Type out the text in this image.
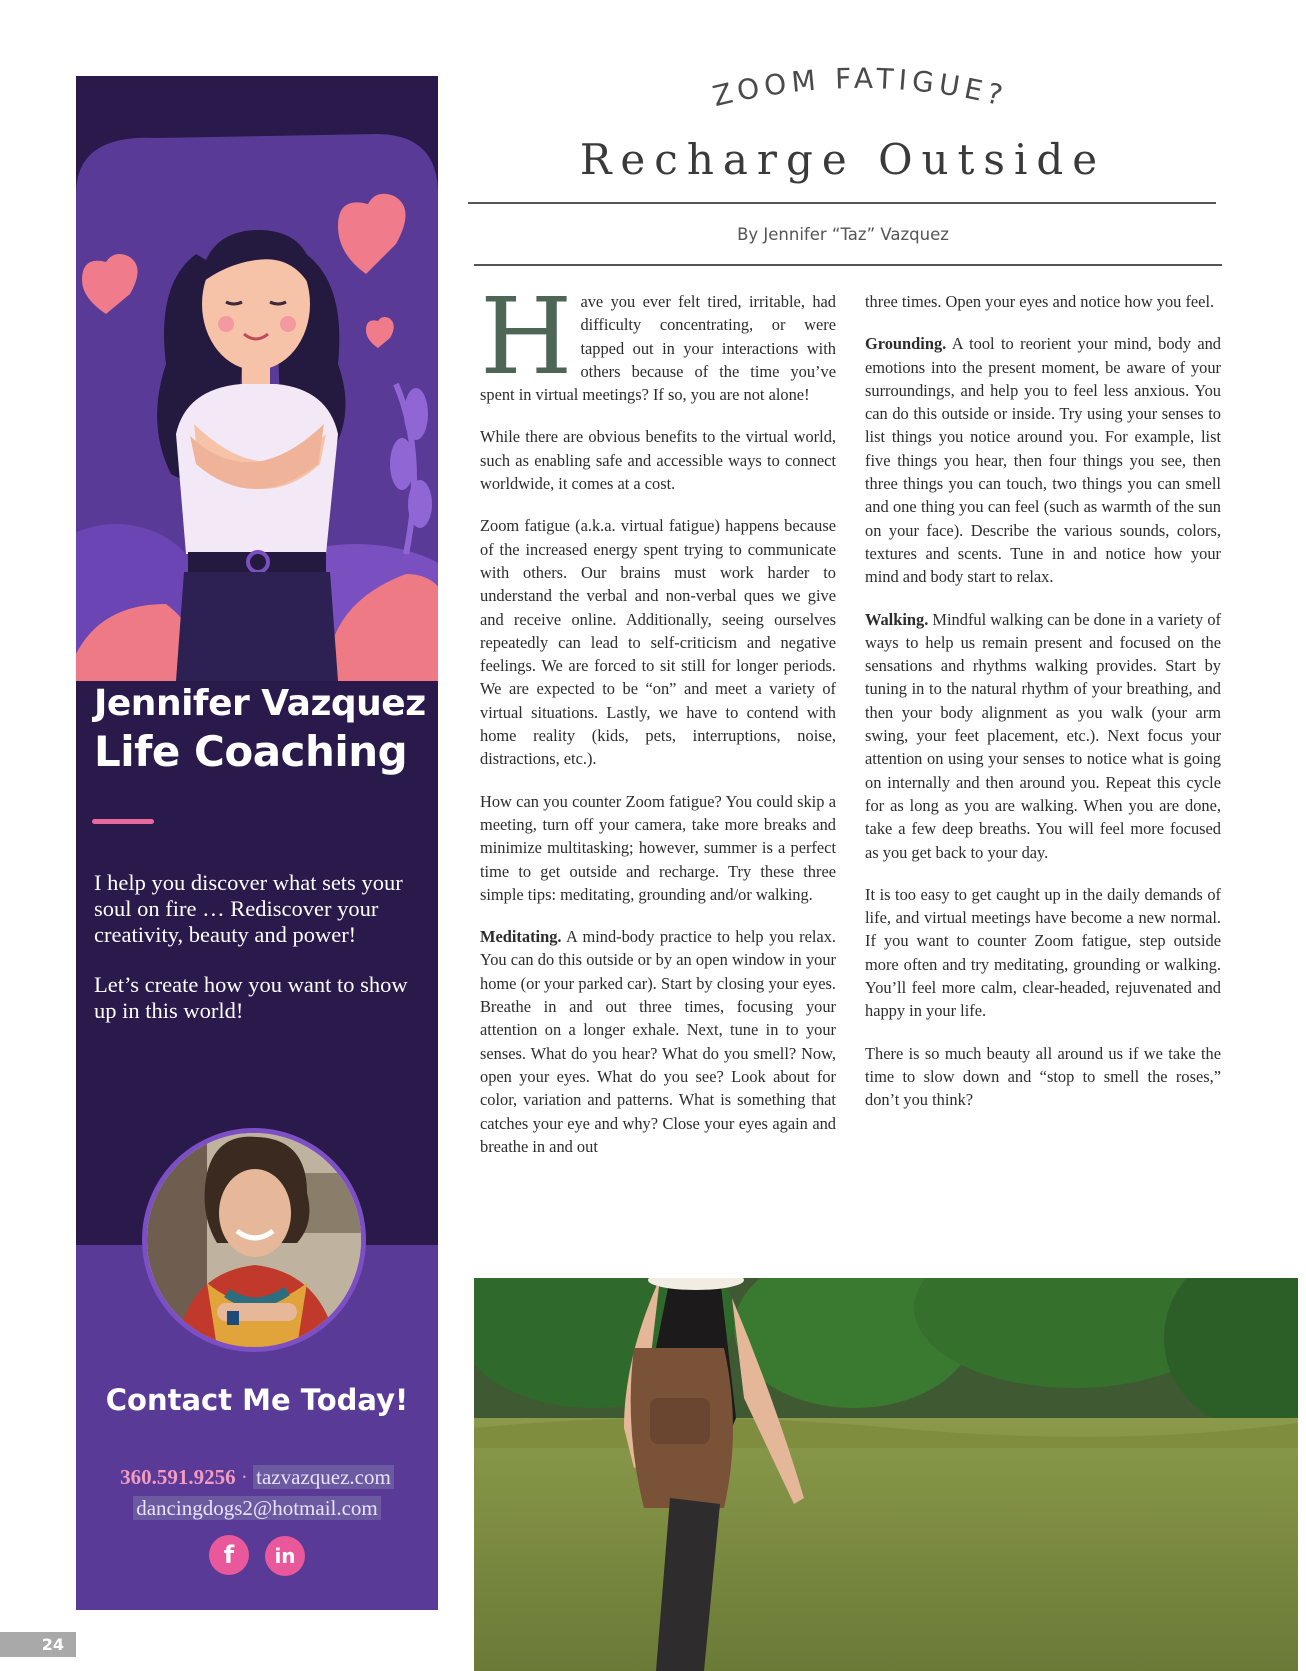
Jennifer Vazquez
Life Coaching

I help you discover what sets your soul on fire … Rediscover your creativity, beauty and power!

Let’s create how you want to show up in this world!

Contact Me Today!
360.591.9256 · tazvazquez.com
dancingdogs2@hotmail.com
f in
ZOOM FATIGUE?
Recharge Outside
By Jennifer “Taz” Vazquez

Have you ever felt tired, irritable, had difficulty concentrating, or were tapped out in your interactions with others because of the time you’ve spent in virtual meetings? If so, you are not alone!

While there are obvious benefits to the virtual world, such as enabling safe and accessible ways to connect worldwide, it comes at a cost.

Zoom fatigue (a.k.a. virtual fatigue) happens because of the increased energy spent trying to communicate with others. Our brains must work harder to understand the verbal and non-verbal ques we give and receive online. Additionally, seeing ourselves repeatedly can lead to self-criticism and negative feelings. We are forced to sit still for longer periods. We are expected to be “on” and meet a variety of virtual situations. Lastly, we have to contend with home reality (kids, pets, interruptions, noise, distractions, etc.).

How can you counter Zoom fatigue? You could skip a meeting, turn off your camera, take more breaks and minimize multitasking; however, summer is a perfect time to get outside and recharge. Try these three simple tips: meditating, grounding and/or walking.

Meditating. A mind-body practice to help you relax. You can do this outside or by an open window in your home (or your parked car). Start by closing your eyes. Breathe in and out three times, focusing your attention on a longer exhale. Next, tune in to your senses. What do you hear? What do you smell? Now, open your eyes. What do you see? Look about for color, variation and patterns. What is something that catches your eye and why? Close your eyes again and breathe in and out

three times. Open your eyes and notice how you feel.

Grounding. A tool to reorient your mind, body and emotions into the present moment, be aware of your surroundings, and help you to feel less anxious. You can do this outside or inside. Try using your senses to list things you notice around you. For example, list five things you hear, then four things you see, then three things you can touch, two things you can smell and one thing you can feel (such as warmth of the sun on your face). Describe the various sounds, colors, textures and scents. Tune in and notice how your mind and body start to relax.

Walking. Mindful walking can be done in a variety of ways to help us remain present and focused on the sensations and rhythms walking provides. Start by tuning in to the natural rhythm of your breathing, and then your body alignment as you walk (your arm swing, your feet placement, etc.). Next focus your attention on using your senses to notice what is going on internally and then around you. Repeat this cycle for as long as you are walking. When you are done, take a few deep breaths. You will feel more focused as you get back to your day.

It is too easy to get caught up in the daily demands of life, and virtual meetings have become a new normal. If you want to counter Zoom fatigue, step outside more often and try meditating, grounding or walking. You’ll feel more calm, clear-headed, rejuvenated and happy in your life.

There is so much beauty all around us if we take the time to slow down and “stop to smell the roses,” don’t you think?

24
